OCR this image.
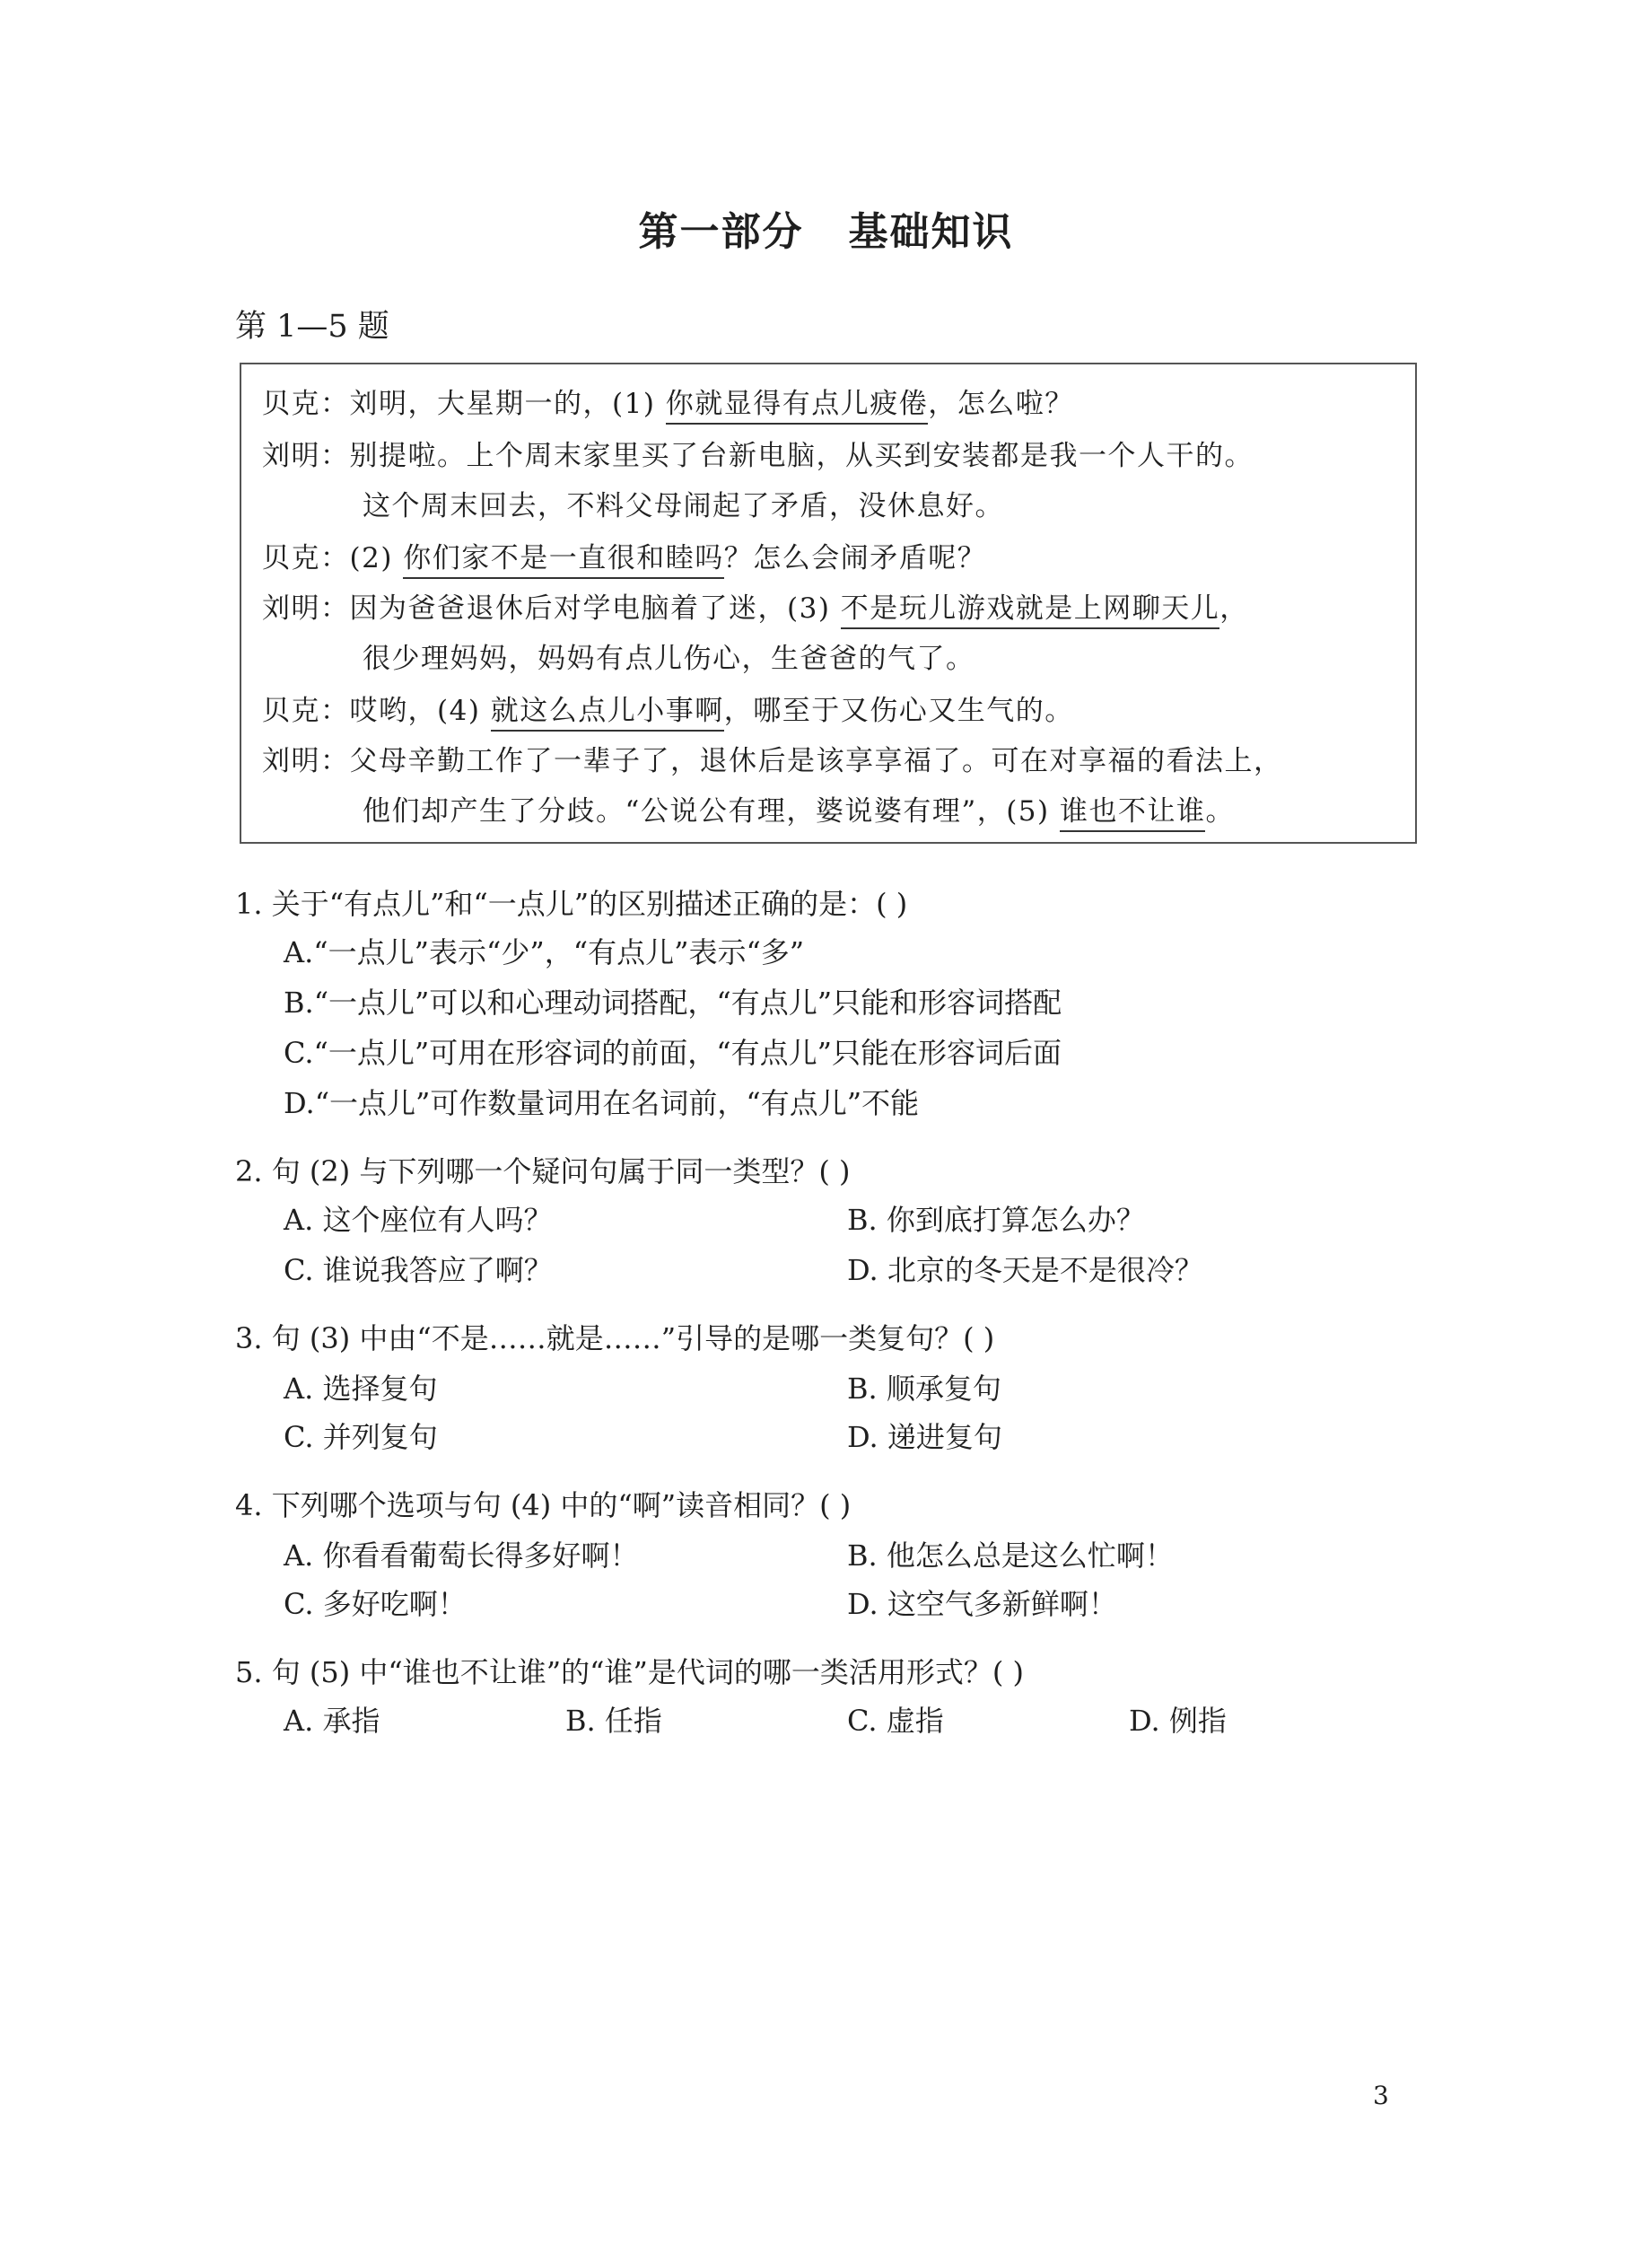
第一部分 基础知识
第 1—5 题
贝克：刘明，大星期一的，(1) 你就显得有点儿疲倦，怎么啦？
刘明：别提啦。上个周末家里买了台新电脑，从买到安装都是我一个人干的。
这个周末回去，不料父母闹起了矛盾，没休息好。
贝克：(2) 你们家不是一直很和睦吗？怎么会闹矛盾呢？
刘明：因为爸爸退休后对学电脑着了迷，(3) 不是玩儿游戏就是上网聊天儿，
很少理妈妈，妈妈有点儿伤心，生爸爸的气了。
贝克：哎哟，(4) 就这么点儿小事啊，哪至于又伤心又生气的。
刘明：父母辛勤工作了一辈子了，退休后是该享享福了。可在对享福的看法上，
他们却产生了分歧。“公说公有理，婆说婆有理”，(5) 谁也不让谁。
1. 关于“有点儿”和“一点儿”的区别描述正确的是：( )
A.“一点儿”表示“少”，“有点儿”表示“多”
B.“一点儿”可以和心理动词搭配，“有点儿”只能和形容词搭配
C.“一点儿”可用在形容词的前面，“有点儿”只能在形容词后面
D.“一点儿”可作数量词用在名词前，“有点儿”不能
2. 句 (2) 与下列哪一个疑问句属于同一类型？( )
A. 这个座位有人吗？	B. 你到底打算怎么办？
C. 谁说我答应了啊？	D. 北京的冬天是不是很冷？
3. 句 (3) 中由“不是……就是……”引导的是哪一类复句？( )
A. 选择复句	B. 顺承复句
C. 并列复句	D. 递进复句
4. 下列哪个选项与句 (4) 中的“啊”读音相同？( )
A. 你看看葡萄长得多好啊！	B. 他怎么总是这么忙啊！
C. 多好吃啊！	D. 这空气多新鲜啊！
5. 句 (5) 中“谁也不让谁”的“谁”是代词的哪一类活用形式？( )
A. 承指	B. 任指	C. 虚指	D. 例指
3
